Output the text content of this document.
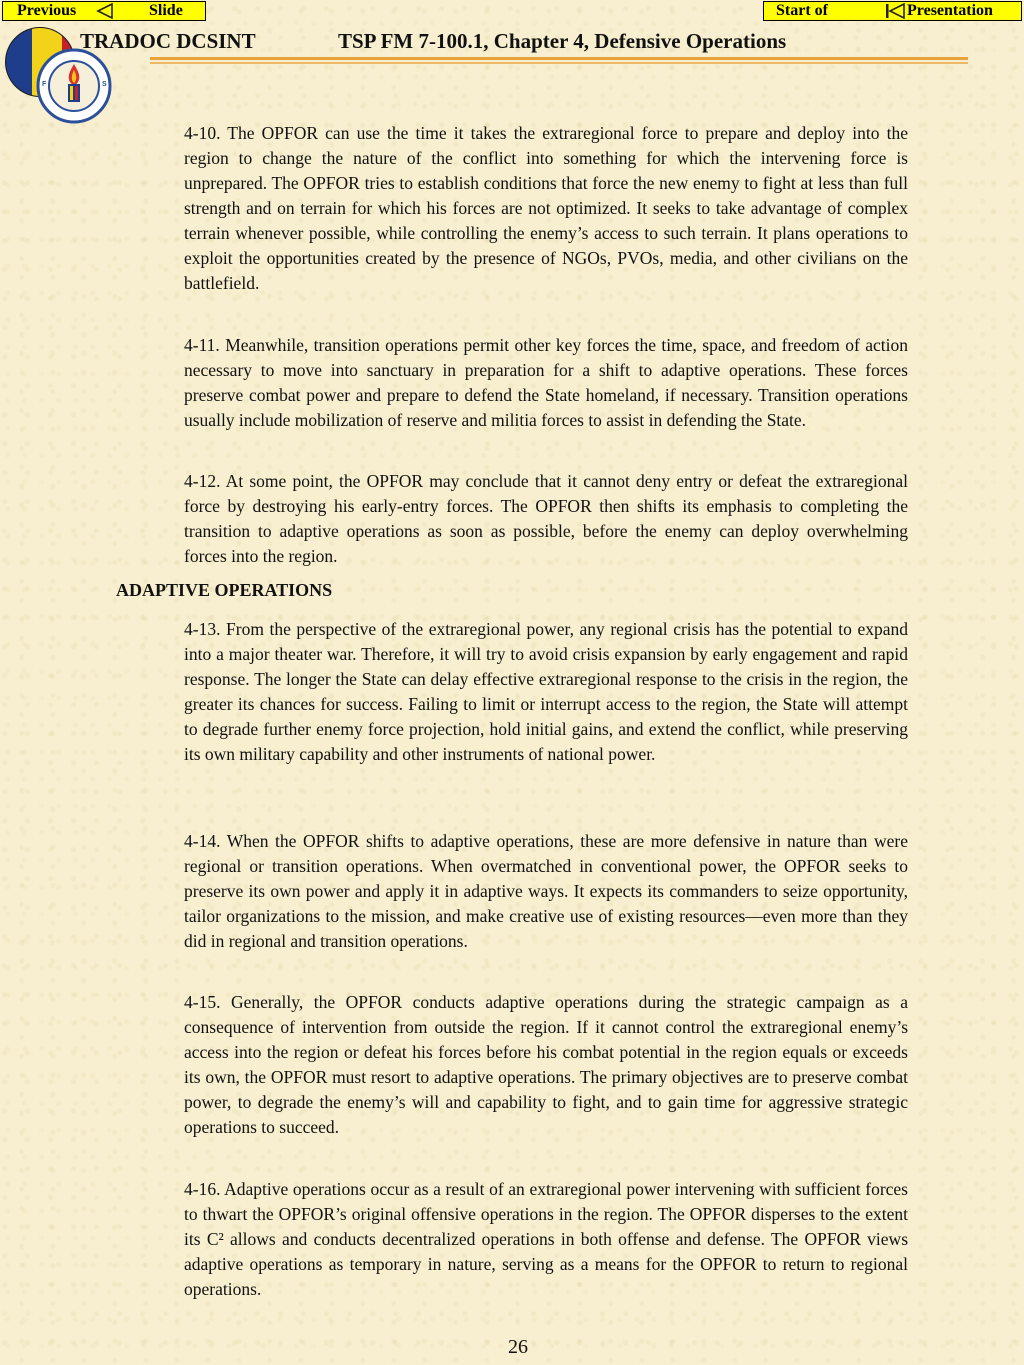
Previous	Slide	Start of	Presentation
F	S
TRADOC DCSINT	TSP FM 7-100.1, Chapter 4, Defensive Operations

4-10. The OPFOR can use the time it takes the extraregional force to prepare and deploy into the region to change the nature of the conflict into something for which the intervening force is unprepared. The OPFOR tries to establish conditions that force the new enemy to fight at less than full strength and on terrain for which his forces are not optimized. It seeks to take advantage of complex terrain whenever possible, while controlling the enemy’s access to such terrain. It plans operations to exploit the opportunities created by the presence of NGOs, PVOs, media, and other civilians on the battlefield.

4-11. Meanwhile, transition operations permit other key forces the time, space, and freedom of action necessary to move into sanctuary in preparation for a shift to adaptive operations. These forces preserve combat power and prepare to defend the State homeland, if necessary. Transition operations usually include mobilization of reserve and militia forces to assist in defending the State.

4-12. At some point, the OPFOR may conclude that it cannot deny entry or defeat the extraregional force by destroying his early-entry forces. The OPFOR then shifts its emphasis to completing the transition to adaptive operations as soon as possible, before the enemy can deploy overwhelming forces into the region.

ADAPTIVE OPERATIONS

4-13. From the perspective of the extraregional power, any regional crisis has the potential to expand into a major theater war. Therefore, it will try to avoid crisis expansion by early engagement and rapid response. The longer the State can delay effective extraregional response to the crisis in the region, the greater its chances for success. Failing to limit or interrupt access to the region, the State will attempt to degrade further enemy force projection, hold initial gains, and extend the conflict, while preserving its own military capability and other instruments of national power.

4-14. When the OPFOR shifts to adaptive operations, these are more defensive in nature than were regional or transition operations. When overmatched in conventional power, the OPFOR seeks to preserve its own power and apply it in adaptive ways. It expects its commanders to seize opportunity, tailor organizations to the mission, and make creative use of existing resources—even more than they did in regional and transition operations.

4-15. Generally, the OPFOR conducts adaptive operations during the strategic campaign as a consequence of intervention from outside the region. If it cannot control the extraregional enemy’s access into the region or defeat his forces before his combat potential in the region equals or exceeds its own, the OPFOR must resort to adaptive operations. The primary objectives are to preserve combat power, to degrade the enemy’s will and capability to fight, and to gain time for aggressive strategic operations to succeed.

4-16. Adaptive operations occur as a result of an extraregional power intervening with sufficient forces to thwart the OPFOR’s original offensive operations in the region. The OPFOR disperses to the extent its C² allows and conducts decentralized operations in both offense and defense. The OPFOR views adaptive operations as temporary in nature, serving as a means for the OPFOR to return to regional operations.

26
